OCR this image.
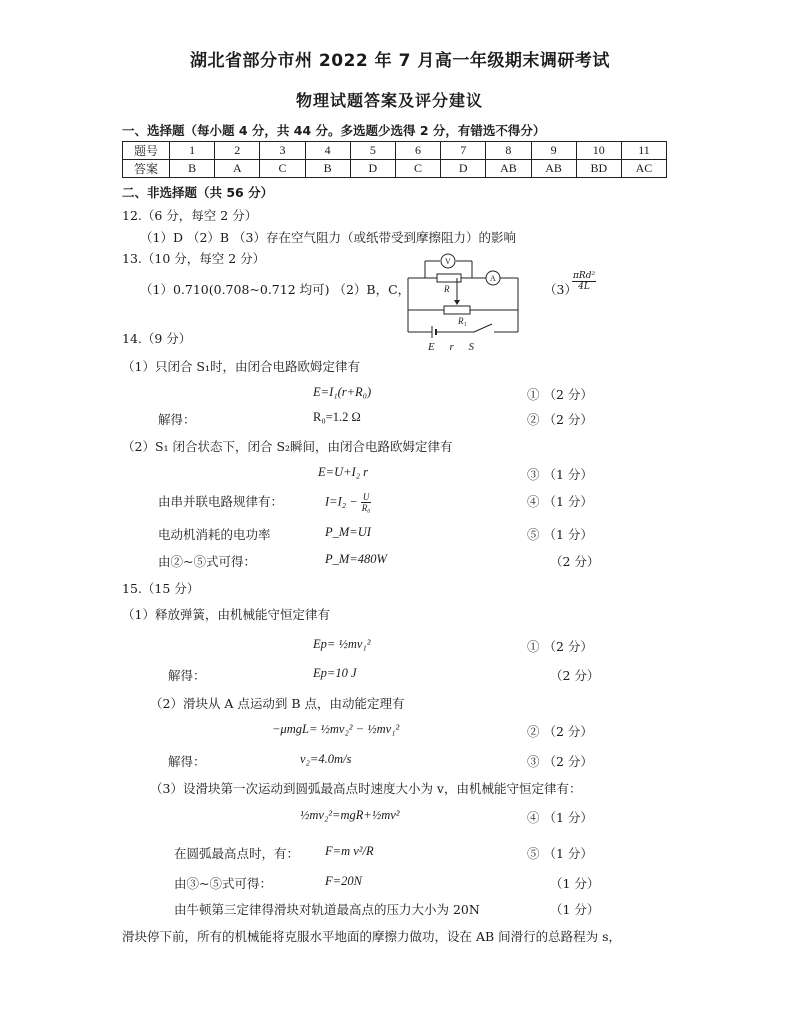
湖北省部分市州 2022 年 7 月高一年级期末调研考试
物理试题答案及评分建议
一、选择题（每小题 4 分，共 44 分。多选题少选得 2 分，有错选不得分）
题号	1	2	3	4	5	6	7	8	9	10	11
答案	B	A	C	B	D	C	D	AB	AB	BD	AC
二、非选择题（共 56 分）
12.（6 分，每空 2 分）
（1）D （2）B （3）存在空气阻力（或纸带受到摩擦阻力）的影响
13.（10 分，每空 2 分）
（1）0.710(0.708~0.712 均可) （2）B，C，	（3）
$\frac{\text{πRd²}}{4L}$
V
A
R
R₁
E r S
14.（9 分）
（1）只闭合 S₁时，由闭合电路欧姆定律有
E=I₁(r+R₀)	① （2 分）
解得：	R₀=1.2 Ω	② （2 分）
（2）S₁ 闭合状态下，闭合 S₂瞬间，由闭合电路欧姆定律有
E=U+I₂ r	③ （1 分）
由串并联电路规律有：	$I=I_2 - \frac{U}{\text{R₀}}$	④ （1 分）
电动机消耗的电功率	P_M=UI	⑤ （1 分）
由②~⑤式可得：	P_M=480W	（2 分）
15.（15 分）
（1）释放弹簧，由机械能守恒定律有
Ep= ½mv₁²	① （2 分）
解得：	Ep=10 J	（2 分）
（2）滑块从 A 点运动到 B 点，由动能定理有
−μmgL= ½mv₂² − ½mv₁²	② （2 分）
解得：	v₂=4.0m/s	③ （2 分）
（3）设滑块第一次运动到圆弧最高点时速度大小为 v，由机械能守恒定律有：
½mv₂²=mgR+½mv²	④ （1 分）
在圆弧最高点时，有： F=m v²/R	⑤ （1 分）
由③~⑤式可得：	F=20N	（1 分）
由牛顿第三定律得滑块对轨道最高点的压力大小为 20N	（1 分）
滑块停下前，所有的机械能将克服水平地面的摩擦力做功，设在 AB 间滑行的总路程为 s，
